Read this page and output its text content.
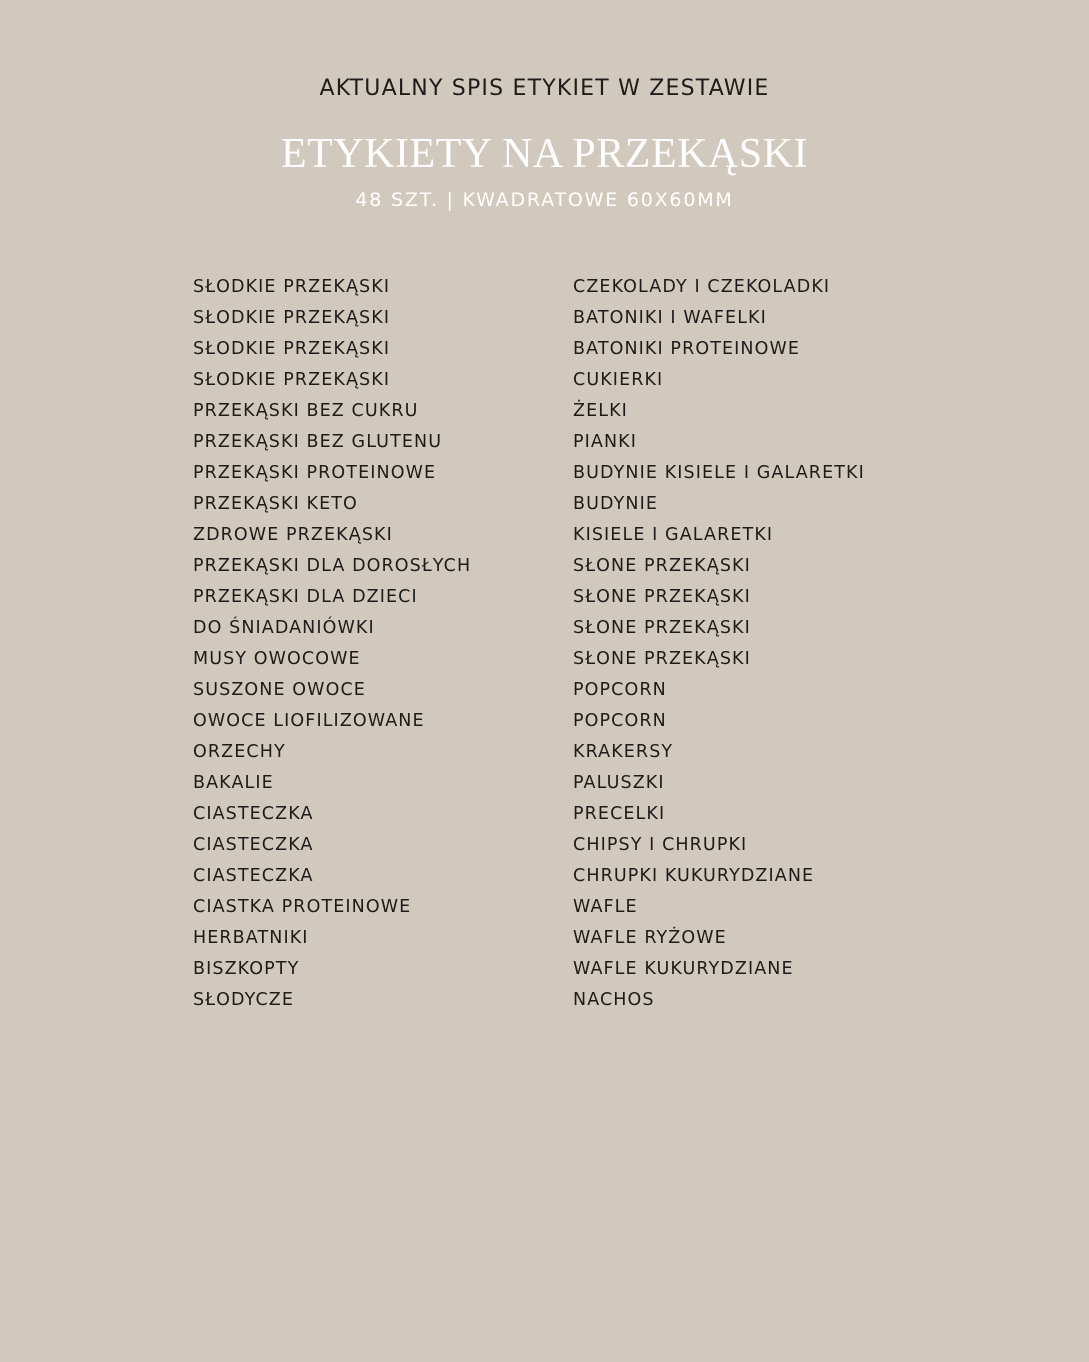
AKTUALNY SPIS ETYKIET W ZESTAWIE
ETYKIETY NA PRZEKĄSKI
48 SZT. | KWADRATOWE 60X60MM
SŁODKIE PRZEKĄSKI
SŁODKIE PRZEKĄSKI
SŁODKIE PRZEKĄSKI
SŁODKIE PRZEKĄSKI
PRZEKĄSKI BEZ CUKRU
PRZEKĄSKI BEZ GLUTENU
PRZEKĄSKI PROTEINOWE
PRZEKĄSKI KETO
ZDROWE PRZEKĄSKI
PRZEKĄSKI DLA DOROSŁYCH
PRZEKĄSKI DLA DZIECI
DO ŚNIADANIÓWKI
MUSY OWOCOWE
SUSZONE OWOCE
OWOCE LIOFILIZOWANE
ORZECHY
BAKALIE
CIASTECZKA
CIASTECZKA
CIASTECZKA
CIASTKA PROTEINOWE
HERBATNIKI
BISZKOPTY
SŁODYCZE
CZEKOLADY I CZEKOLADKI
BATONIKI I WAFELKI
BATONIKI PROTEINOWE
CUKIERKI
ŻELKI
PIANKI
BUDYNIE KISIELE I GALARETKI
BUDYNIE
KISIELE I GALARETKI
SŁONE PRZEKĄSKI
SŁONE PRZEKĄSKI
SŁONE PRZEKĄSKI
SŁONE PRZEKĄSKI
POPCORN
POPCORN
KRAKERSY
PALUSZKI
PRECELKI
CHIPSY I CHRUPKI
CHRUPKI KUKURYDZIANE
WAFLE
WAFLE RYŻOWE
WAFLE KUKURYDZIANE
NACHOS
